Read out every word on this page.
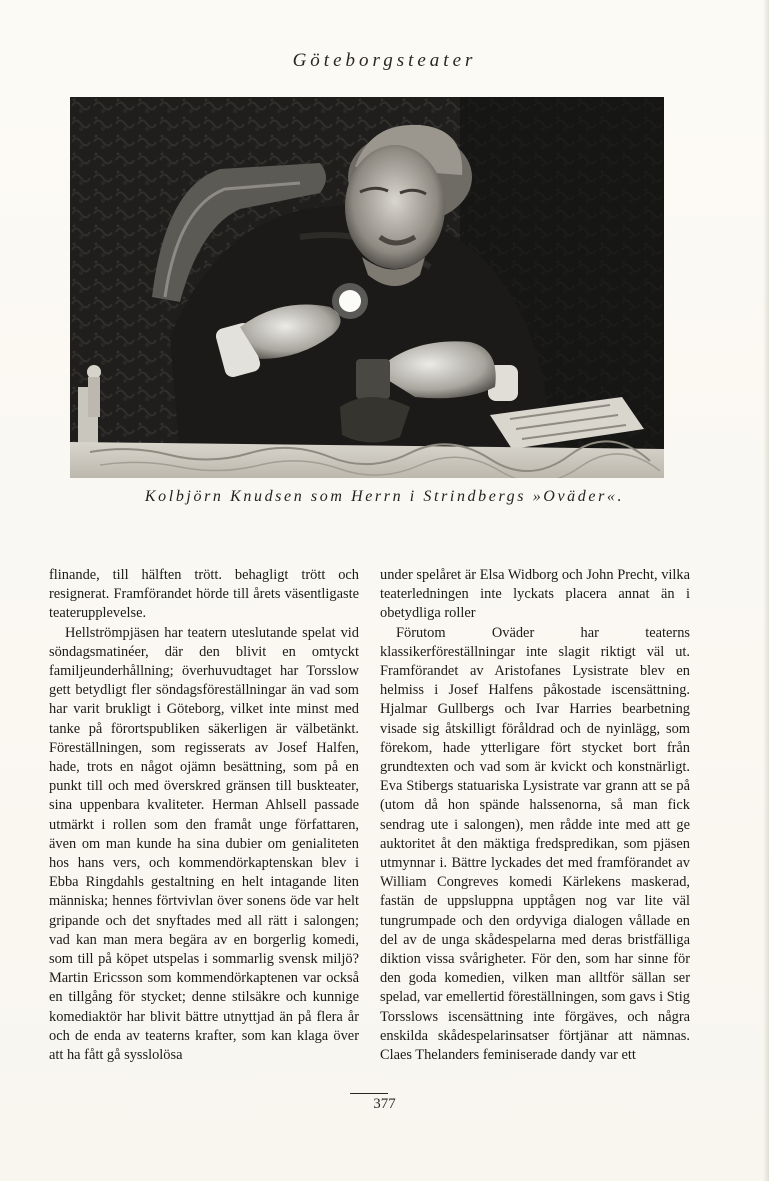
Göteborgsteater
Kolbjörn Knudsen som Herrn i Strindbergs »Oväder«.

flinande, till hälften trött. behagligt trött och resignerat. Framförandet hörde till årets väsentligaste teaterupplevelse.

Hellströmpjäsen har teatern uteslutande spelat vid söndagsmatinéer, där den blivit en omtyckt familjeunderhållning; överhuvudtaget har Torsslow gett betydligt fler söndagsföreställningar än vad som har varit brukligt i Göteborg, vilket inte minst med tanke på förortspubliken säkerligen är välbetänkt. Föreställningen, som regisserats av Josef Halfen, hade, trots en något ojämn besättning, som på en punkt till och med överskred gränsen till buskteater, sina uppenbara kvaliteter. Herman Ahlsell passade utmärkt i rollen som den framåt unge författaren, även om man kunde ha sina dubier om genialiteten hos hans vers, och kommendörkaptenskan blev i Ebba Ringdahls gestaltning en helt intagande liten människa; hennes förtvivlan över sonens öde var helt gripande och det snyftades med all rätt i salongen; vad kan man mera begära av en borgerlig komedi, som till på köpet utspelas i sommarlig svensk miljö? Martin Ericsson som kommendörkaptenen var också en tillgång för stycket; denne stilsäkre och kunnige komediaktör har blivit bättre utnyttjad än på flera år och de enda av teaterns krafter, som kan klaga över att ha fått gå sysslolösa

under spelåret är Elsa Widborg och John Precht, vilka teaterledningen inte lyckats placera annat än i obetydliga roller

Förutom Oväder har teaterns klassikerföreställningar inte slagit riktigt väl ut. Framförandet av Aristofanes Lysistrate blev en helmiss i Josef Halfens påkostade iscensättning. Hjalmar Gullbergs och Ivar Harries bearbetning visade sig åtskilligt föråldrad och de nyinlägg, som förekom, hade ytterligare fört stycket bort från grundtexten och vad som är kvickt och konstnärligt. Eva Stibergs statuariska Lysistrate var grann att se på (utom då hon spände halssenorna, så man fick sendrag ute i salongen), men rådde inte med att ge auktoritet åt den mäktiga fredspredikan, som pjäsen utmynnar i. Bättre lyckades det med framförandet av William Congreves komedi Kärlekens maskerad, fastän de uppsluppna upptågen nog var lite väl tungrumpade och den ordyviga dialogen vållade en del av de unga skådespelarna med deras bristfälliga diktion vissa svårigheter. För den, som har sinne för den goda komedien, vilken man alltför sällan ser spelad, var emellertid föreställningen, som gavs i Stig Torsslows iscensättning inte förgäves, och några enskilda skådespelarinsatser förtjänar att nämnas. Claes Thelanders feminiserade dandy var ett

377
